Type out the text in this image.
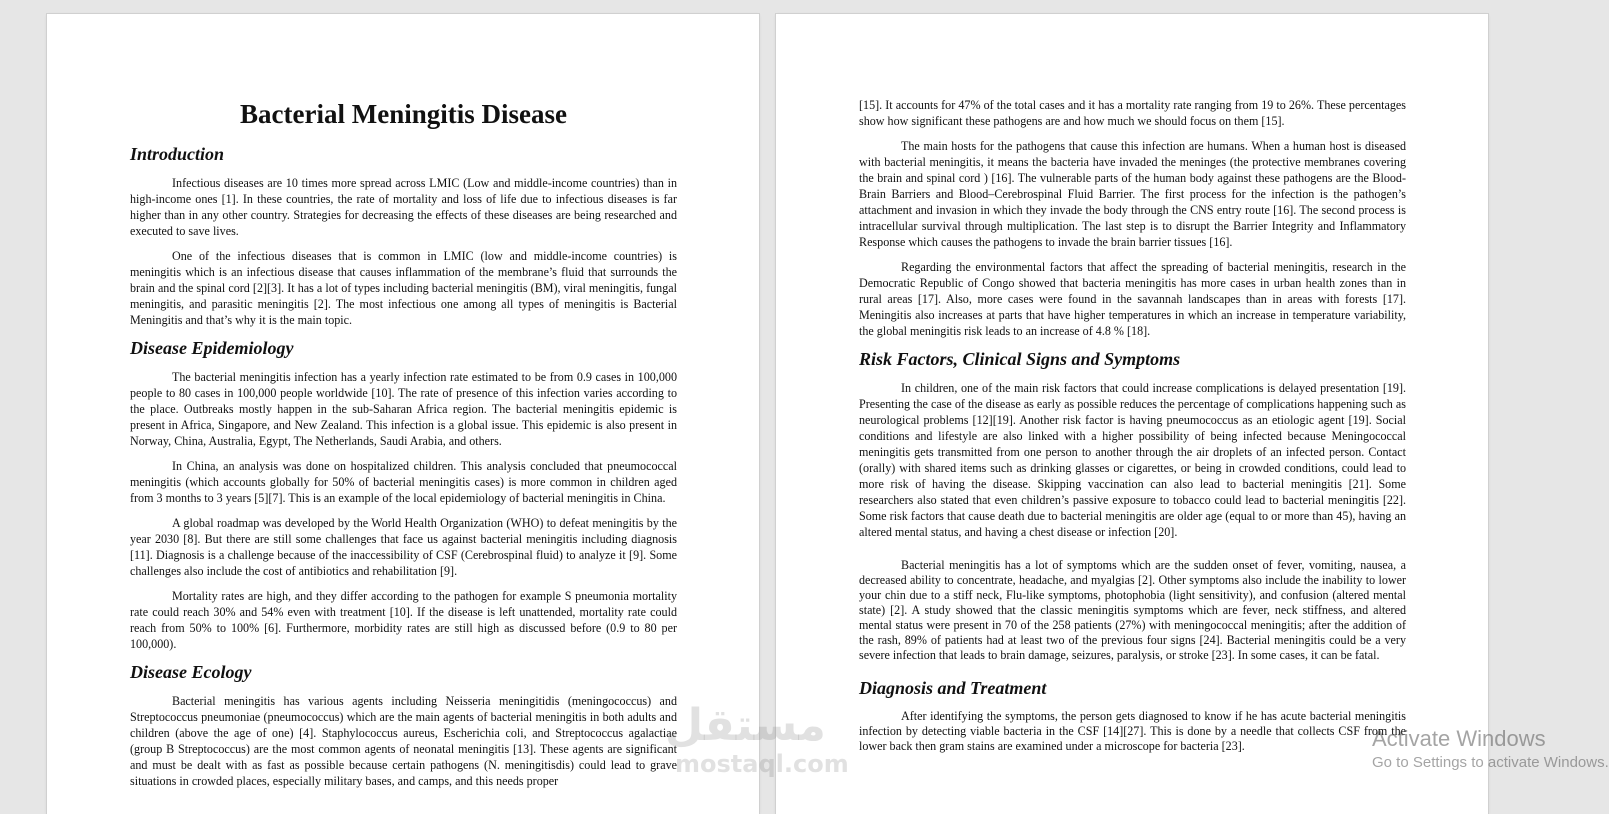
Bacterial Meningitis Disease
Introduction

Infectious diseases are 10 times more spread across LMIC (Low and middle-income countries) than in high-income ones [1]. In these countries, the rate of mortality and loss of life due to infectious diseases is far higher than in any other country. Strategies for decreasing the effects of these diseases are being researched and executed to save lives.

One of the infectious diseases that is common in LMIC (low and middle-income countries) is meningitis which is an infectious disease that causes inflammation of the membrane’s fluid that surrounds the brain and the spinal cord [2][3]. It has a lot of types including bacterial meningitis (BM), viral meningitis, fungal meningitis, and parasitic meningitis [2]. The most infectious one among all types of meningitis is Bacterial Meningitis and that’s why it is the main topic.

Disease Epidemiology

The bacterial meningitis infection has a yearly infection rate estimated to be from 0.9 cases in 100,000 people to 80 cases in 100,000 people worldwide [10]. The rate of presence of this infection varies according to the place. Outbreaks mostly happen in the sub-Saharan Africa region. The bacterial meningitis epidemic is present in Africa, Singapore, and New Zealand. This infection is a global issue. This epidemic is also present in Norway, China, Australia, Egypt, The Netherlands, Saudi Arabia, and others.

In China, an analysis was done on hospitalized children. This analysis concluded that pneumococcal meningitis (which accounts globally for 50% of bacterial meningitis cases) is more common in children aged from 3 months to 3 years [5][7]. This is an example of the local epidemiology of bacterial meningitis in China.

A global roadmap was developed by the World Health Organization (WHO) to defeat meningitis by the year 2030 [8]. But there are still some challenges that face us against bacterial meningitis including diagnosis [11]. Diagnosis is a challenge because of the inaccessibility of CSF (Cerebrospinal fluid) to analyze it [9]. Some challenges also include the cost of antibiotics and rehabilitation [9].

Mortality rates are high, and they differ according to the pathogen for example S pneumonia mortality rate could reach 30% and 54% even with treatment [10]. If the disease is left unattended, mortality rate could reach from 50% to 100% [6]. Furthermore, morbidity rates are still high as discussed before (0.9 to 80 per 100,000).

Disease Ecology

Bacterial meningitis has various agents including Neisseria meningitidis (meningococcus) and Streptococcus pneumoniae (pneumococcus) which are the main agents of bacterial meningitis in both adults and children (above the age of one) [4]. Staphylococcus aureus, Escherichia coli, and Streptococcus agalactiae (group B Streptococcus) are the most common agents of neonatal meningitis [13]. These agents are significant and must be dealt with as fast as possible because certain pathogens (N. meningitisdis) could lead to grave situations in crowded places, especially military bases, and camps, and this needs proper

[15]. It accounts for 47% of the total cases and it has a mortality rate ranging from 19 to 26%. These percentages show how significant these pathogens are and how much we should focus on them [15].

The main hosts for the pathogens that cause this infection are humans. When a human host is diseased with bacterial meningitis, it means the bacteria have invaded the meninges (the protective membranes covering the brain and spinal cord ) [16]. The vulnerable parts of the human body against these pathogens are the Blood-Brain Barriers and Blood–Cerebrospinal Fluid Barrier. The first process for the infection is the pathogen’s attachment and invasion in which they invade the body through the CNS entry route [16]. The second process is intracellular survival through multiplication. The last step is to disrupt the Barrier Integrity and Inflammatory Response which causes the pathogens to invade the brain barrier tissues [16].

Regarding the environmental factors that affect the spreading of bacterial meningitis, research in the Democratic Republic of Congo showed that bacteria meningitis has more cases in urban health zones than in rural areas [17]. Also, more cases were found in the savannah landscapes than in areas with forests [17]. Meningitis also increases at parts that have higher temperatures in which an increase in temperature variability, the global meningitis risk leads to an increase of 4.8 % [18].

Risk Factors, Clinical Signs and Symptoms

In children, one of the main risk factors that could increase complications is delayed presentation [19]. Presenting the case of the disease as early as possible reduces the percentage of complications happening such as neurological problems [12][19]. Another risk factor is having pneumococcus as an etiologic agent [19]. Social conditions and lifestyle are also linked with a higher possibility of being infected because Meningococcal meningitis gets transmitted from one person to another through the air droplets of an infected person. Contact (orally) with shared items such as drinking glasses or cigarettes, or being in crowded conditions, could lead to more risk of having the disease. Skipping vaccination can also lead to bacterial meningitis [21]. Some researchers also stated that even children’s passive exposure to tobacco could lead to bacterial meningitis [22]. Some risk factors that cause death due to bacterial meningitis are older age (equal to or more than 45), having an altered mental status, and having a chest disease or infection [20].

Bacterial meningitis has a lot of symptoms which are the sudden onset of fever, vomiting, nausea, a decreased ability to concentrate, headache, and myalgias [2]. Other symptoms also include the inability to lower your chin due to a stiff neck, Flu-like symptoms, photophobia (light sensitivity), and confusion (altered mental state) [2]. A study showed that the classic meningitis symptoms which are fever, neck stiffness, and altered mental status were present in 70 of the 258 patients (27%) with meningococcal meningitis; after the addition of the rash, 89% of patients had at least two of the previous four signs [24]. Bacterial meningitis could be a very severe infection that leads to brain damage, seizures, paralysis, or stroke [23]. In some cases, it can be fatal.

Diagnosis and Treatment

After identifying the symptoms, the person gets diagnosed to know if he has acute bacterial meningitis infection by detecting viable bacteria in the CSF [14][27]. This is done by a needle that collects CSF from the lower back then gram stains are examined under a microscope for bacteria [23].

مستقل
mostaql.com
Activate Windows
Go to Settings to activate Windows.
